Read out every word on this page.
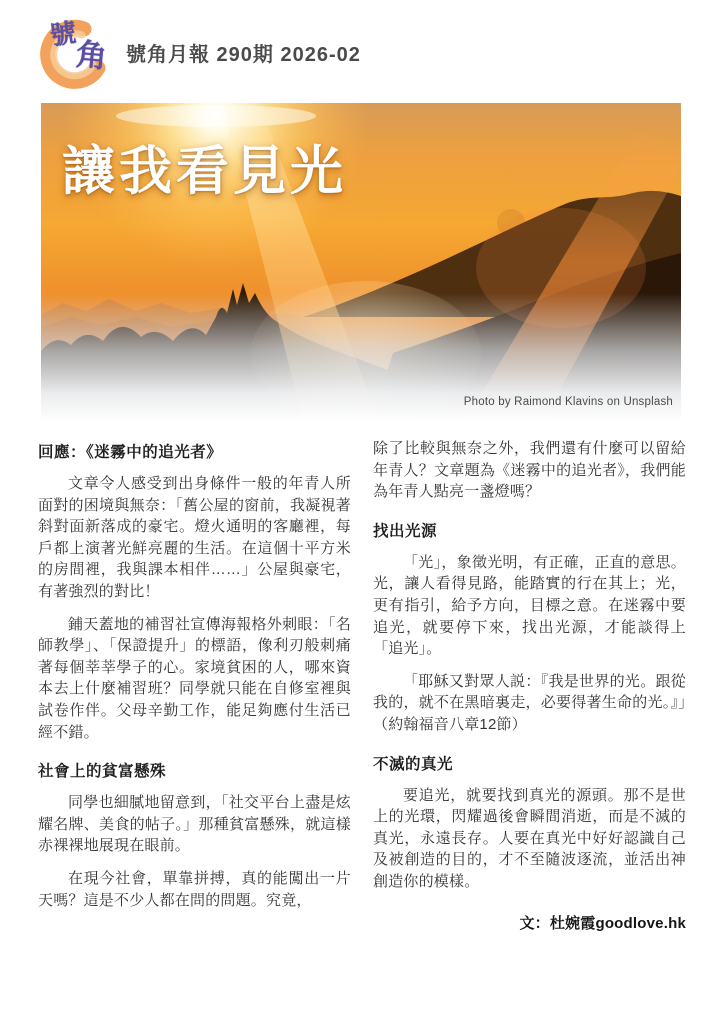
號
角 號角月報 290期 2026-02
讓我看見光
Photo by Raimond Klavins on Unsplash
回應：《迷霧中的追光者》

文章令人感受到出身條件一般的年青人所面對的困境與無奈：「舊公屋的窗前，我凝視著斜對面新落成的豪宅。燈火通明的客廳裡，每戶都上演著光鮮亮麗的生活。在這個十平方米的房間裡，我與課本相伴……」公屋與豪宅，有著強烈的對比！

鋪天蓋地的補習社宣傳海報格外刺眼：「名師教學」、「保證提升」的標語，像利刃般刺痛著每個莘莘學子的心。家境貧困的人，哪來資本去上什麼補習班？同學就只能在自修室裡與試卷作伴。父母辛勤工作，能足夠應付生活已經不錯。

社會上的貧富懸殊

同學也細膩地留意到，「社交平台上盡是炫耀名牌、美食的帖子。」那種貧富懸殊，就這樣赤裸裸地展現在眼前。

在現今社會，單靠拼搏，真的能闖出一片天嗎？這是不少人都在問的問題。究竟，

除了比較與無奈之外，我們還有什麼可以留給年青人？文章題為《迷霧中的追光者》，我們能為年青人點亮一盞燈嗎？

找出光源

「光」，象徵光明，有正確，正直的意思。光，讓人看得見路，能踏實的行在其上；光，更有指引，給予方向，目標之意。在迷霧中要追光，就要停下來，找出光源，才能談得上「追光」。

「耶穌又對眾人説：『我是世界的光。跟從我的，就不在黑暗裏走，必要得著生命的光。』」（約翰福音八章12節）

不滅的真光

要追光，就要找到真光的源頭。那不是世上的光環，閃耀過後會瞬間消逝，而是不滅的真光，永遠長存。人要在真光中好好認識自己及被創造的目的，才不至隨波逐流，並活出神創造你的模樣。

文：杜婉霞goodlove.hk
